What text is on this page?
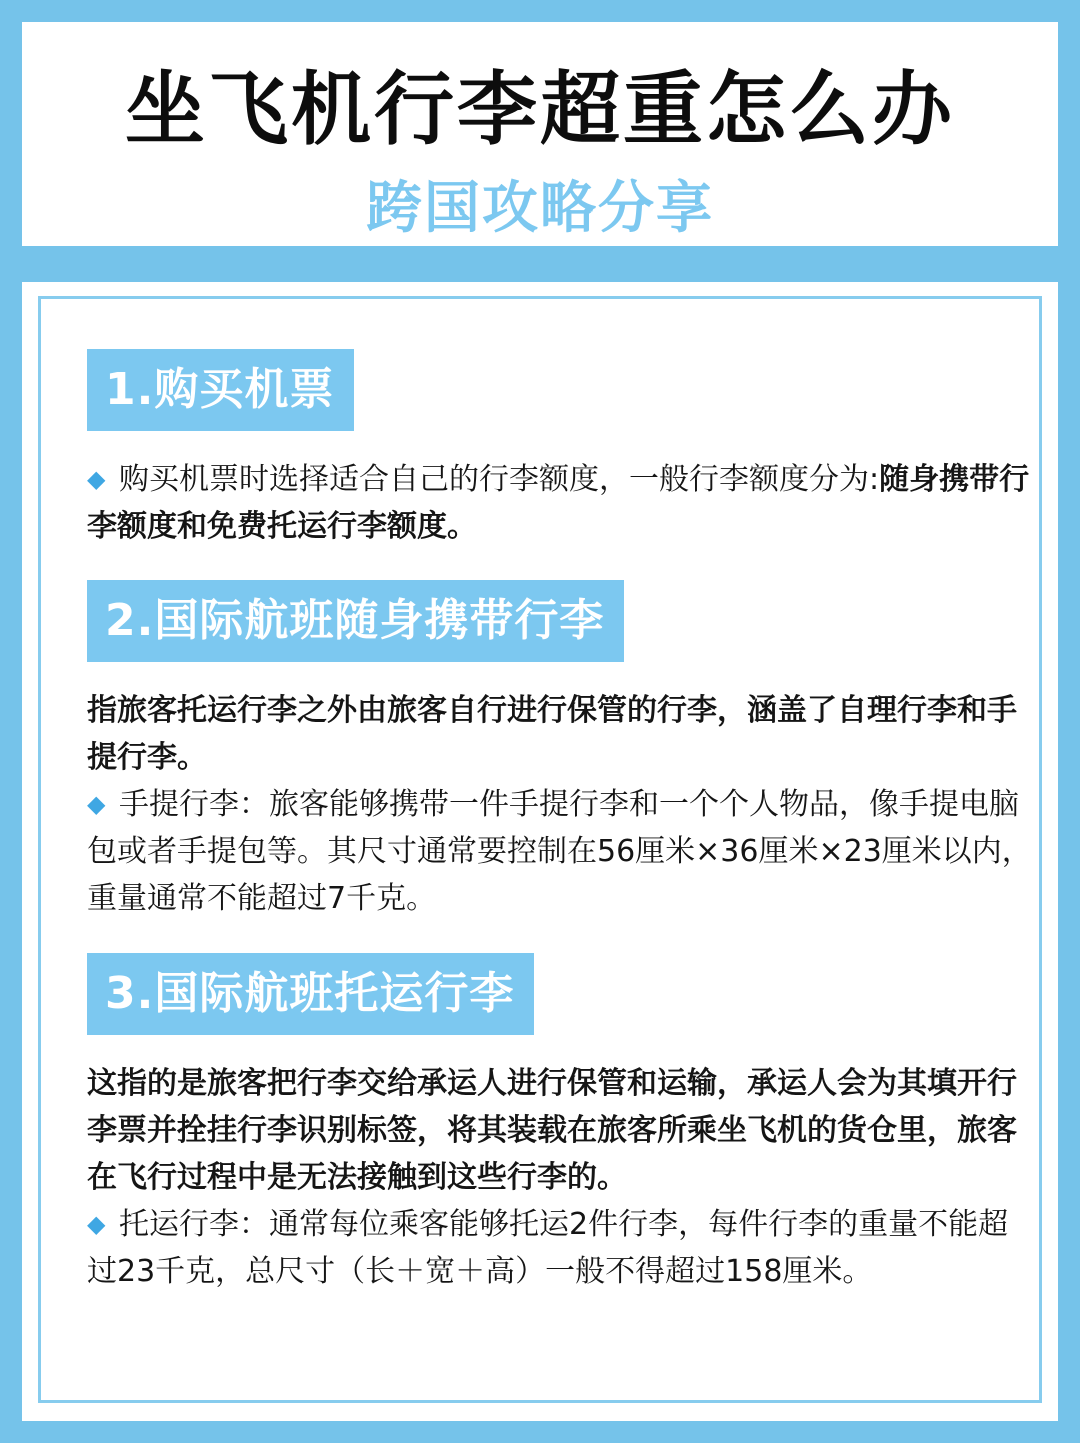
坐飞机行李超重怎么办
跨国攻略分享
1.购买机票

◆ 购买机票时选择适合自己的行李额度，一般行李额度分为:随身携带行李额度和免费托运行李额度。

2.国际航班随身携带行李

指旅客托运行李之外由旅客自行进行保管的行李，涵盖了自理行李和手提行李。

◆ 手提行李：旅客能够携带一件手提行李和一个个人物品，像手提电脑包或者手提包等。其尺寸通常要控制在56厘米×36厘米×23厘米以内，重量通常不能超过7千克。

3.国际航班托运行李

这指的是旅客把行李交给承运人进行保管和运输，承运人会为其填开行李票并拴挂行李识别标签，将其装载在旅客所乘坐飞机的货仓里，旅客在飞行过程中是无法接触到这些行李的。

◆ 托运行李：通常每位乘客能够托运2件行李，每件行李的重量不能超过23千克，总尺寸（长＋宽＋高）一般不得超过158厘米。
